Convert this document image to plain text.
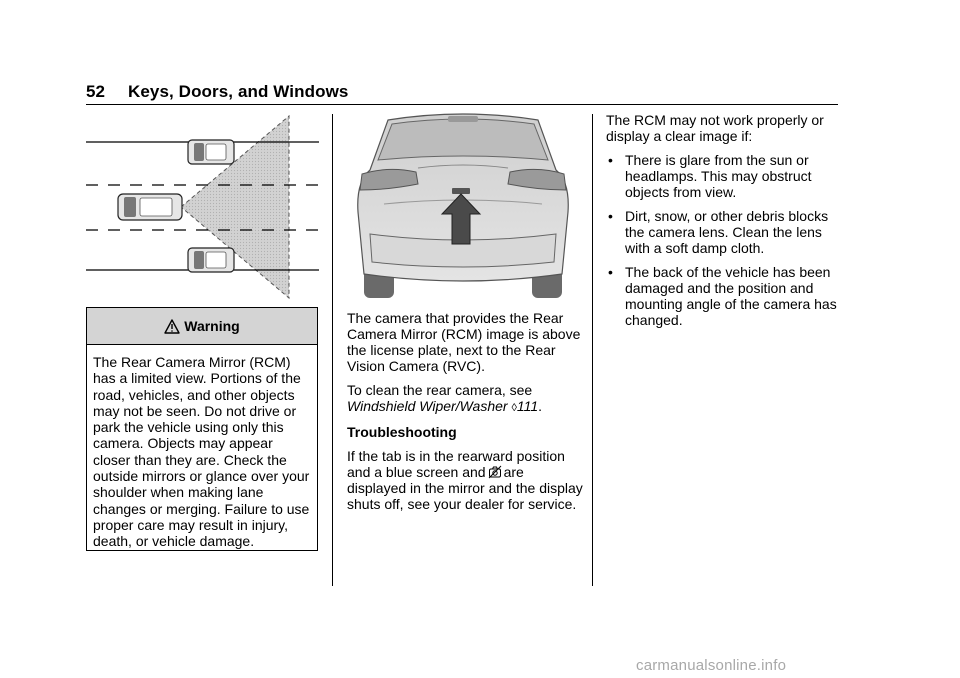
52 Keys, Doors, and Windows
Warning
The Rear Camera Mirror (RCM) has a limited view. Portions of the road, vehicles, and other objects may not be seen. Do not drive or park the vehicle using only this camera. Objects may appear closer than they are. Check the outside mirrors or glance over your shoulder when making lane changes or merging. Failure to use proper care may result in injury, death, or vehicle damage.

The camera that provides the Rear Camera Mirror (RCM) image is above the license plate, next to the Rear Vision Camera (RVC).

To clean the rear camera, see Windshield Wiper/Washer ◊111.

Troubleshooting

If the tab is in the rearward position and a blue screen and are displayed in the mirror and the display shuts off, see your dealer for service.

The RCM may not work properly or display a clear image if:

• There is glare from the sun or headlamps. This may obstruct objects from view.
• Dirt, snow, or other debris blocks the camera lens. Clean the lens with a soft damp cloth.
• The back of the vehicle has been damaged and the position and mounting angle of the camera has changed.
carmanualsonline.info
